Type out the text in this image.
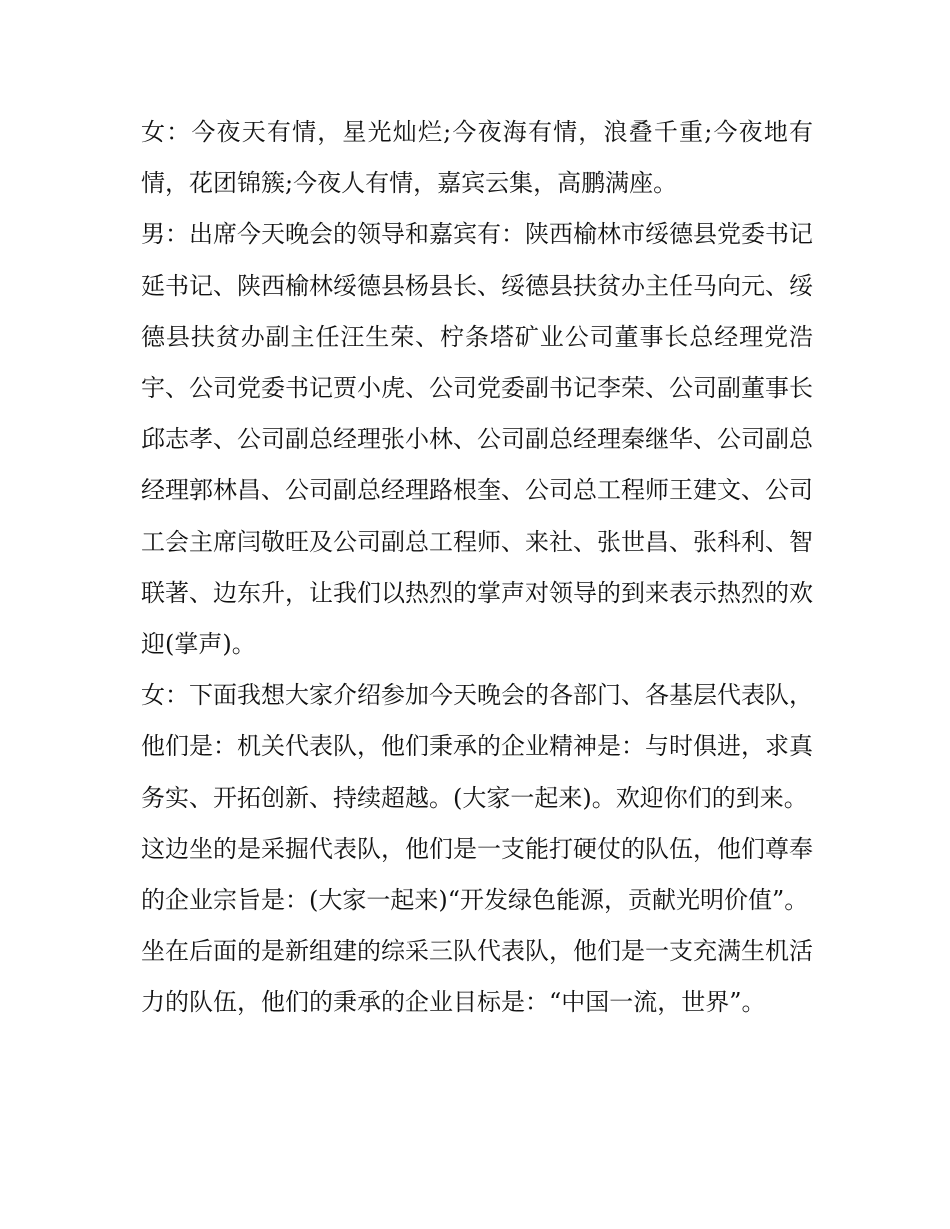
女：今夜天有情，星光灿烂;今夜海有情，浪叠千重;今夜地有情，花团锦簇;今夜人有情，嘉宾云集，高鹏满座。

男：出席今天晚会的领导和嘉宾有：陕西榆林市绥德县党委书记延书记、陕西榆林绥德县杨县长、绥德县扶贫办主任马向元、绥德县扶贫办副主任汪生荣、柠条塔矿业公司董事长总经理党浩宇、公司党委书记贾小虎、公司党委副书记李荣、公司副董事长邱志孝、公司副总经理张小林、公司副总经理秦继华、公司副总经理郭林昌、公司副总经理路根奎、公司总工程师王建文、公司工会主席闫敬旺及公司副总工程师、来社、张世昌、张科利、智联著、边东升，让我们以热烈的掌声对领导的到来表示热烈的欢迎(掌声)。

女：下面我想大家介绍参加今天晚会的各部门、各基层代表队，他们是：机关代表队，他们秉承的企业精神是：与时俱进，求真务实、开拓创新、持续超越。(大家一起来)。欢迎你们的到来。

这边坐的是采掘代表队，他们是一支能打硬仗的队伍，他们尊奉的企业宗旨是：(大家一起来)“开发绿色能源，贡献光明价值”。

坐在后面的是新组建的综采三队代表队，他们是一支充满生机活力的队伍，他们的秉承的企业目标是：“中国一流，世界”。
